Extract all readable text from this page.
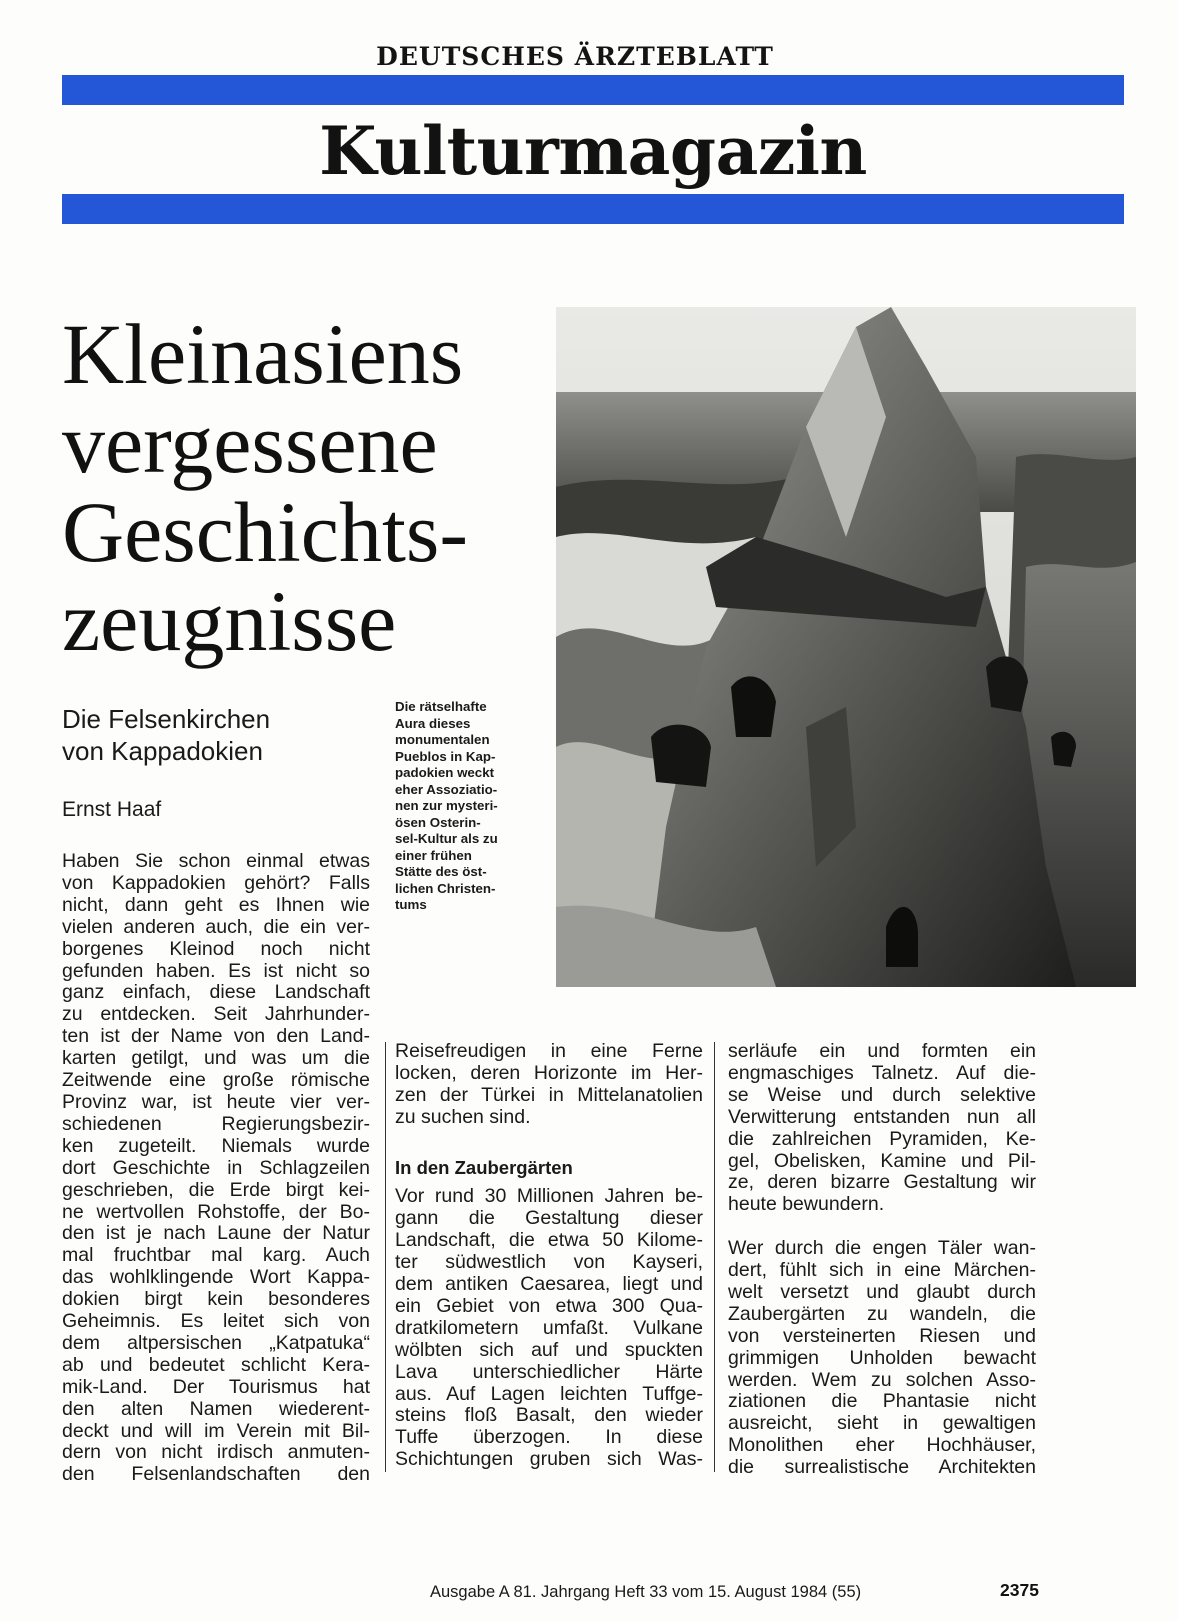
DEUTSCHES ÄRZTEBLATT
Kulturmagazin
Kleinasiens
vergessene
Geschichts-
zeugnisse
Die Felsenkirchen
von Kappadokien
Ernst Haaf
Die rätselhafte
Aura dieses
monumentalen
Pueblos in Kap-
padokien weckt
eher Assoziatio-
nen zur mysteri-
ösen Osterin-
sel-Kultur als zu
einer frühen
Stätte des öst-
lichen Christen-
tums
Haben Sie schon einmal etwas
von Kappadokien gehört? Falls
nicht, dann geht es Ihnen wie
vielen anderen auch, die ein ver-
borgenes Kleinod noch nicht
gefunden haben. Es ist nicht so
ganz einfach, diese Landschaft
zu entdecken. Seit Jahrhunder-
ten ist der Name von den Land-
karten getilgt, und was um die
Zeitwende eine große römische
Provinz war, ist heute vier ver-
schiedenen Regierungsbezir-
ken zugeteilt. Niemals wurde
dort Geschichte in Schlagzeilen
geschrieben, die Erde birgt kei-
ne wertvollen Rohstoffe, der Bo-
den ist je nach Laune der Natur
mal fruchtbar mal karg. Auch
das wohlklingende Wort Kappa-
dokien birgt kein besonderes
Geheimnis. Es leitet sich von
dem altpersischen „Katpatuka“
ab und bedeutet schlicht Kera-
mik-Land. Der Tourismus hat
den alten Namen wiederent-
deckt und will im Verein mit Bil-
dern von nicht irdisch anmuten-
den Felsenlandschaften den
Reisefreudigen in eine Ferne
locken, deren Horizonte im Her-
zen der Türkei in Mittelanatolien
zu suchen sind.
In den Zaubergärten
Vor rund 30 Millionen Jahren be-
gann die Gestaltung dieser
Landschaft, die etwa 50 Kilome-
ter südwestlich von Kayseri,
dem antiken Caesarea, liegt und
ein Gebiet von etwa 300 Qua-
dratkilometern umfaßt. Vulkane
wölbten sich auf und spuckten
Lava unterschiedlicher Härte
aus. Auf Lagen leichten Tuffge-
steins floß Basalt, den wieder
Tuffe überzogen. In diese
Schichtungen gruben sich Was-
serläufe ein und formten ein
engmaschiges Talnetz. Auf die-
se Weise und durch selektive
Verwitterung entstanden nun all
die zahlreichen Pyramiden, Ke-
gel, Obelisken, Kamine und Pil-
ze, deren bizarre Gestaltung wir
heute bewundern.
Wer durch die engen Täler wan-
dert, fühlt sich in eine Märchen-
welt versetzt und glaubt durch
Zaubergärten zu wandeln, die
von versteinerten Riesen und
grimmigen Unholden bewacht
werden. Wem zu solchen Asso-
ziationen die Phantasie nicht
ausreicht, sieht in gewaltigen
Monolithen eher Hochhäuser,
die surrealistische Architekten
Ausgabe A 81. Jahrgang Heft 33 vom 15. August 1984 (55)	2375
